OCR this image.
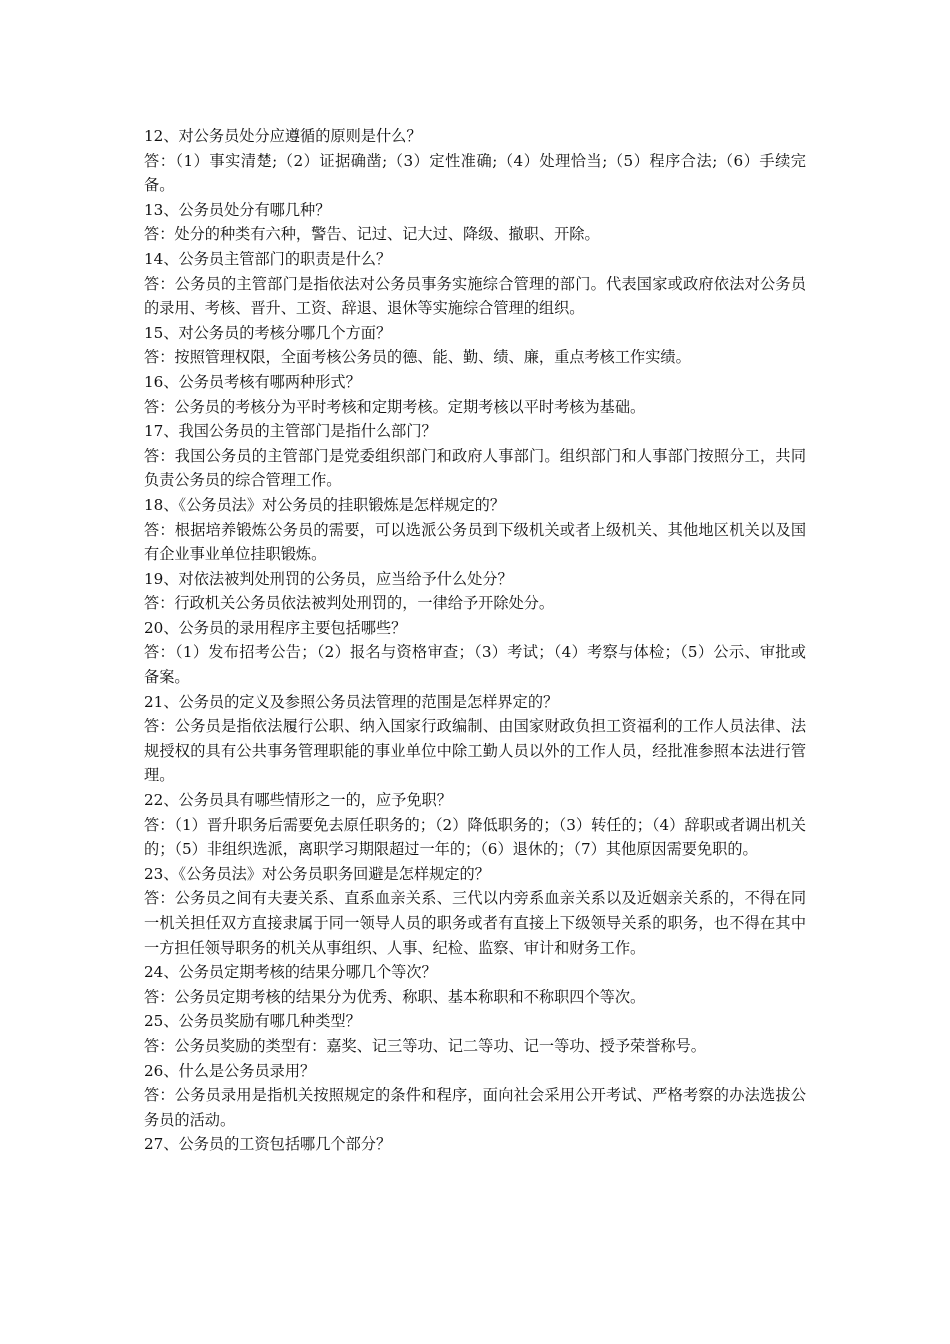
12、对公务员处分应遵循的原则是什么？

答：（1）事实清楚;（2）证据确凿;（3）定性准确;（4）处理恰当;（5）程序合法;（6）手续完备。

13、公务员处分有哪几种？

答：处分的种类有六种，警告、记过、记大过、降级、撤职、开除。

14、公务员主管部门的职责是什么？

答：公务员的主管部门是指依法对公务员事务实施综合管理的部门。代表国家或政府依法对公务员的录用、考核、晋升、工资、辞退、退休等实施综合管理的组织。

15、对公务员的考核分哪几个方面？

答：按照管理权限，全面考核公务员的德、能、勤、绩、廉，重点考核工作实绩。

16、公务员考核有哪两种形式？

答：公务员的考核分为平时考核和定期考核。定期考核以平时考核为基础。

17、我国公务员的主管部门是指什么部门？

答：我国公务员的主管部门是党委组织部门和政府人事部门。组织部门和人事部门按照分工，共同负责公务员的综合管理工作。

18、《公务员法》对公务员的挂职锻炼是怎样规定的？

答：根据培养锻炼公务员的需要，可以选派公务员到下级机关或者上级机关、其他地区机关以及国有企业事业单位挂职锻炼。

19、对依法被判处刑罚的公务员，应当给予什么处分？

答：行政机关公务员依法被判处刑罚的，一律给予开除处分。

20、公务员的录用程序主要包括哪些？

答：（1）发布招考公告；（2）报名与资格审查；（3）考试；（4）考察与体检；（5）公示、审批或备案。

21、公务员的定义及参照公务员法管理的范围是怎样界定的？

答：公务员是指依法履行公职、纳入国家行政编制、由国家财政负担工资福利的工作人员法律、法规授权的具有公共事务管理职能的事业单位中除工勤人员以外的工作人员，经批准参照本法进行管理。

22、公务员具有哪些情形之一的，应予免职？

答：（1）晋升职务后需要免去原任职务的；（2）降低职务的；（3）转任的；（4）辞职或者调出机关的；（5）非组织选派，离职学习期限超过一年的；（6）退休的；（7）其他原因需要免职的。

23、《公务员法》对公务员职务回避是怎样规定的？

答：公务员之间有夫妻关系、直系血亲关系、三代以内旁系血亲关系以及近姻亲关系的，不得在同一机关担任双方直接隶属于同一领导人员的职务或者有直接上下级领导关系的职务，也不得在其中一方担任领导职务的机关从事组织、人事、纪检、监察、审计和财务工作。

24、公务员定期考核的结果分哪几个等次？

答：公务员定期考核的结果分为优秀、称职、基本称职和不称职四个等次。

25、公务员奖励有哪几种类型？

答：公务员奖励的类型有：嘉奖、记三等功、记二等功、记一等功、授予荣誉称号。

26、什么是公务员录用？

答：公务员录用是指机关按照规定的条件和程序，面向社会采用公开考试、严格考察的办法选拔公务员的活动。

27、公务员的工资包括哪几个部分？
